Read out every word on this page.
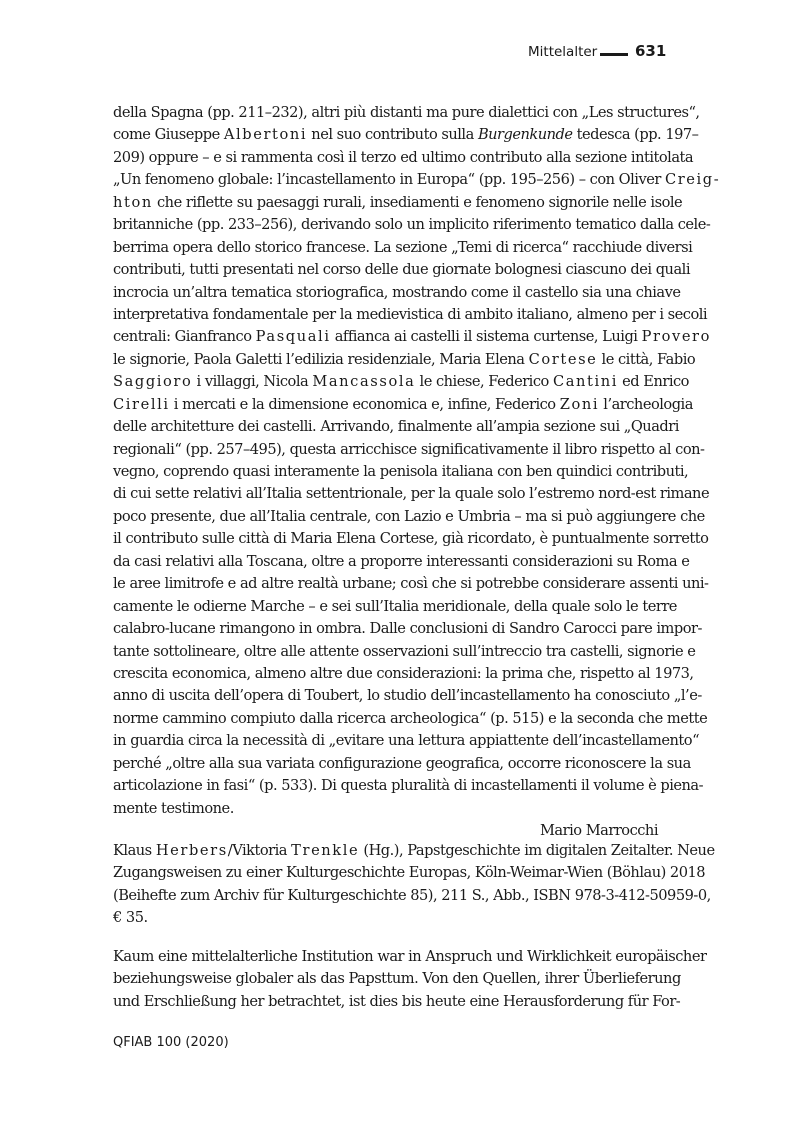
Mittelalter	631
della Spagna (pp. 211–232), altri più distanti ma pure dialettici con „Les structures“,
come Giuseppe Albertoni nel suo contributo sulla Burgenkunde tedesca (pp. 197–
209) oppure – e si rammenta così il terzo ed ultimo contributo alla sezione intitolata
„Un fenomeno globale: l’incastellamento in Europa“ (pp. 195–256) – con Oliver Creig-
hton che riflette su paesaggi rurali, insediamenti e fenomeno signorile nelle isole
britanniche (pp. 233–256), derivando solo un implicito riferimento tematico dalla cele-
berrima opera dello storico francese. La sezione „Temi di ricerca“ racchiude diversi
contributi, tutti presentati nel corso delle due giornate bolognesi ciascuno dei quali
incrocia un’altra tematica storiografica, mostrando come il castello sia una chiave
interpretativa fondamentale per la medievistica di ambito italiano, almeno per i secoli
centrali: Gianfranco Pasquali affianca ai castelli il sistema curtense, Luigi Provero
le signorie, Paola Galetti l’edilizia residenziale, Maria Elena Cortese le città, Fabio
Saggioro i villaggi, Nicola Mancassola le chiese, Federico Cantini ed Enrico
Cirelli i mercati e la dimensione economica e, infine, Federico Zoni l’archeologia
delle architetture dei castelli. Arrivando, finalmente all’ampia sezione sui „Quadri
regionali“ (pp. 257–495), questa arricchisce significativamente il libro rispetto al con-
vegno, coprendo quasi interamente la penisola italiana con ben quindici contributi,
di cui sette relativi all’Italia settentrionale, per la quale solo l’estremo nord-est rimane
poco presente, due all’Italia centrale, con Lazio e Umbria – ma si può aggiungere che
il contributo sulle città di Maria Elena Cortese, già ricordato, è puntualmente sorretto
da casi relativi alla Toscana, oltre a proporre interessanti considerazioni su Roma e
le aree limitrofe e ad altre realtà urbane; così che si potrebbe considerare assenti uni-
camente le odierne Marche – e sei sull’Italia meridionale, della quale solo le terre
calabro-lucane rimangono in ombra. Dalle conclusioni di Sandro Carocci pare impor-
tante sottolineare, oltre alle attente osservazioni sull’intreccio tra castelli, signorie e
crescita economica, almeno altre due considerazioni: la prima che, rispetto al 1973,
anno di uscita dell’opera di Toubert, lo studio dell’incastellamento ha conosciuto „l’e-
norme cammino compiuto dalla ricerca archeologica“ (p. 515) e la seconda che mette
in guardia circa la necessità di „evitare una lettura appiattente dell’incastellamento“
perché „oltre alla sua variata configurazione geografica, occorre riconoscere la sua
articolazione in fasi“ (p. 533). Di questa pluralità di incastellamenti il volume è piena-
mente testimone.
Mario Marrocchi
Klaus Herbers/Viktoria Trenkle (Hg.), Papstgeschichte im digitalen Zeitalter. Neue
Zugangsweisen zu einer Kulturgeschichte Europas, Köln-Weimar-Wien (Böhlau) 2018
(Beihefte zum Archiv für Kulturgeschichte 85), 211 S., Abb., ISBN 978-3-412-50959-0,
€ 35.
Kaum eine mittelalterliche Institution war in Anspruch und Wirklichkeit europäischer
beziehungsweise globaler als das Papsttum. Von den Quellen, ihrer Überlieferung
und Erschließung her betrachtet, ist dies bis heute eine Herausforderung für For-
QFIAB 100 (2020)
